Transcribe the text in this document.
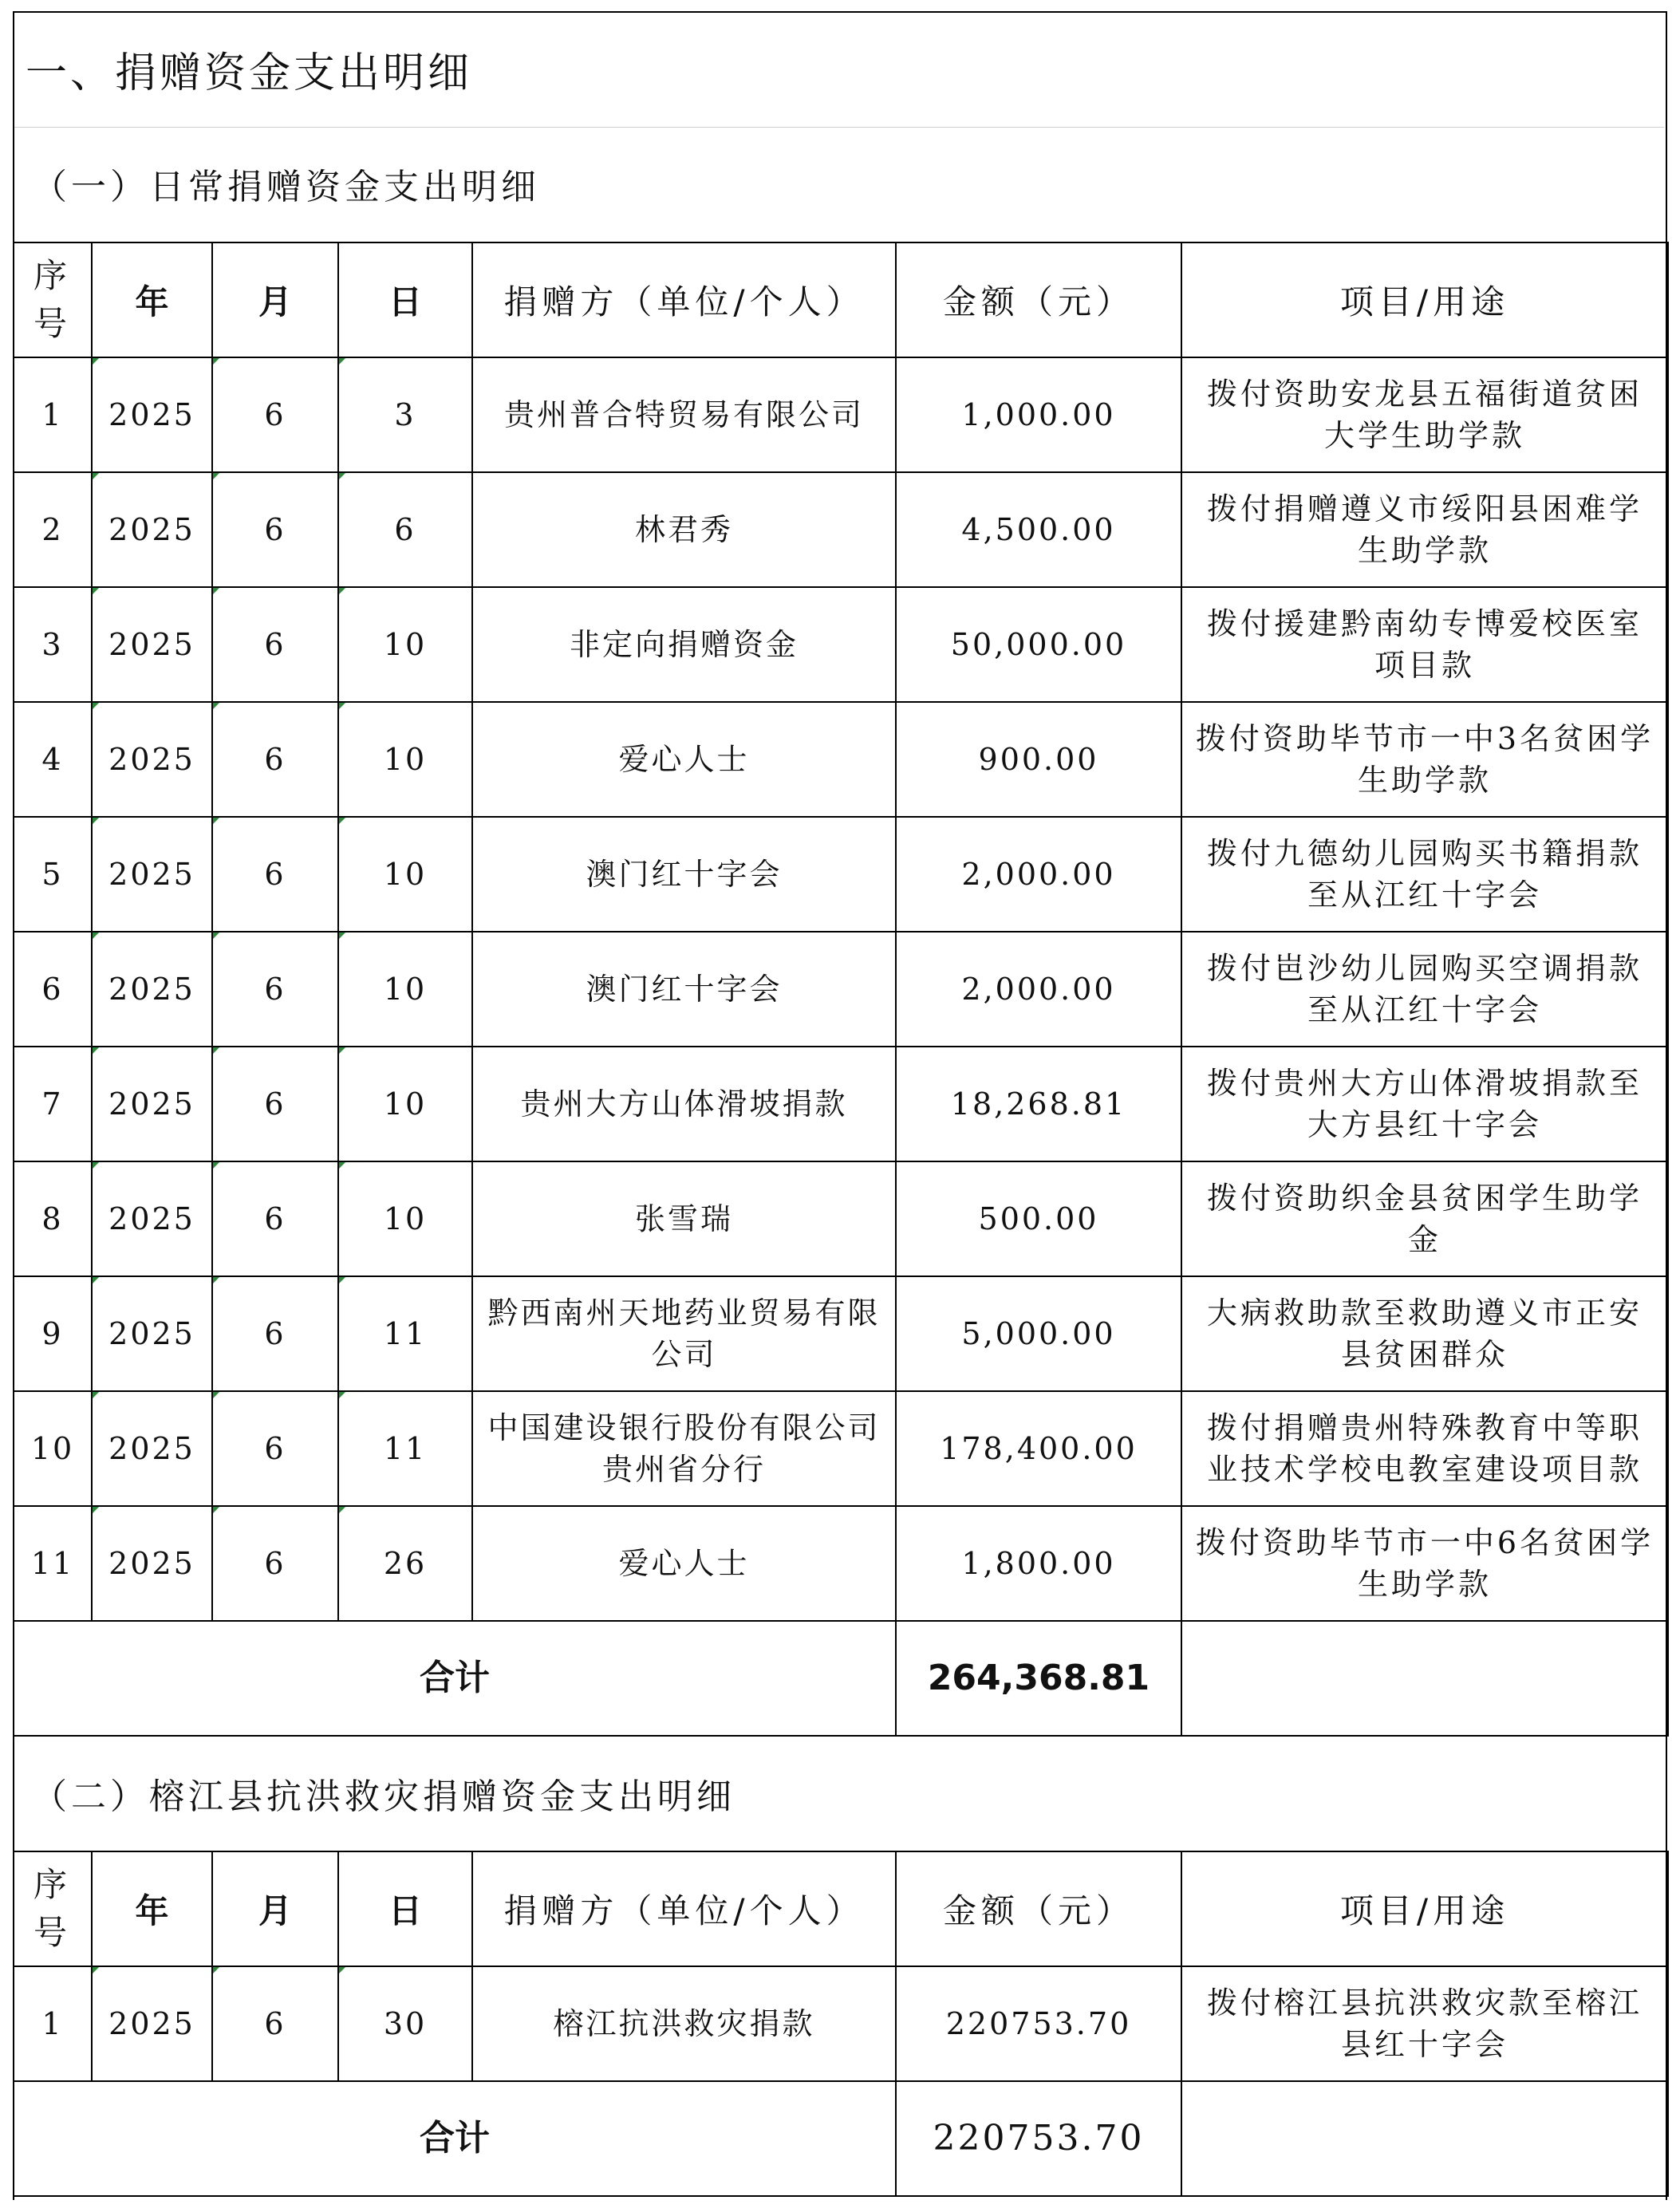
一、捐赠资金支出明细
（一）日常捐赠资金支出明细
序号	年	月	日	捐赠方（单位/个人）	金额（元）	项目/用途
1	2025	6	3	贵州普合特贸易有限公司	1,000.00	拨付资助安龙县五福街道贫困大学生助学款
2	2025	6	6	林君秀	4,500.00	拨付捐赠遵义市绥阳县困难学生助学款
3	2025	6	10	非定向捐赠资金	50,000.00	拨付援建黔南幼专博爱校医室项目款
4	2025	6	10	爱心人士	900.00	拨付资助毕节市一中3名贫困学生助学款
5	2025	6	10	澳门红十字会	2,000.00	拨付九德幼儿园购买书籍捐款至从江红十字会
6	2025	6	10	澳门红十字会	2,000.00	拨付岜沙幼儿园购买空调捐款至从江红十字会
7	2025	6	10	贵州大方山体滑坡捐款	18,268.81	拨付贵州大方山体滑坡捐款至大方县红十字会
8	2025	6	10	张雪瑞	500.00	拨付资助织金县贫困学生助学金
9	2025	6	11	黔西南州天地药业贸易有限公司	5,000.00	大病救助款至救助遵义市正安县贫困群众
10	2025	6	11	中国建设银行股份有限公司贵州省分行	178,400.00	拨付捐赠贵州特殊教育中等职业技术学校电教室建设项目款
11	2025	6	26	爱心人士	1,800.00	拨付资助毕节市一中6名贫困学生助学款
合计					264,368.81	
（二）榕江县抗洪救灾捐赠资金支出明细
序号	年	月	日	捐赠方（单位/个人）	金额（元）	项目/用途
1	2025	6	30	榕江抗洪救灾捐款	220753.70	拨付榕江县抗洪救灾款至榕江县红十字会
合计					220753.70	
